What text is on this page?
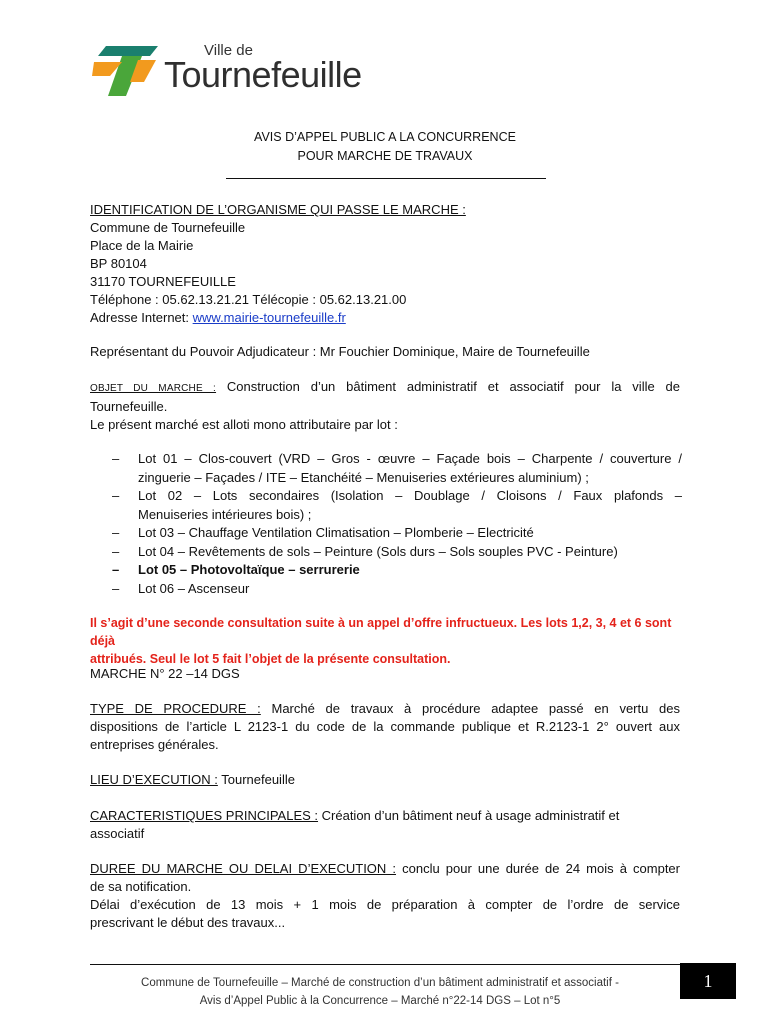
Ville de
Tournefeuille
AVIS D’APPEL PUBLIC A LA CONCURRENCE
POUR MARCHE DE TRAVAUX
IDENTIFICATION DE L’ORGANISME QUI PASSE LE MARCHE :
Commune de Tournefeuille
Place de la Mairie
BP 80104
31170 TOURNEFEUILLE
Téléphone : 05.62.13.21.21 Télécopie : 05.62.13.21.00
Adresse Internet: www.mairie-tournefeuille.fr
Représentant du Pouvoir Adjudicateur : Mr Fouchier Dominique, Maire de Tournefeuille
OBJET DU MARCHE : Construction d’un bâtiment administratif et associatif pour la ville de
Tournefeuille.
Le présent marché est alloti mono attributaire par lot :
– Lot 01 – Clos-couvert (VRD – Gros - œuvre – Façade bois – Charpente / couverture /
zinguerie – Façades / ITE – Etanchéité – Menuiseries extérieures aluminium) ;
– Lot 02 – Lots secondaires (Isolation – Doublage / Cloisons / Faux plafonds –
Menuiseries intérieures bois) ;
– Lot 03 – Chauffage Ventilation Climatisation – Plomberie – Electricité
– Lot 04 – Revêtements de sols – Peinture (Sols durs – Sols souples PVC - Peinture)
– Lot 05 – Photovoltaïque – serrurerie
– Lot 06 – Ascenseur
Il s’agit d’une seconde consultation suite à un appel d’offre infructueux. Les lots 1,2, 3, 4 et 6 sont déjà
attribués. Seul le lot 5 fait l’objet de la présente consultation.
MARCHE N° 22 –14 DGS
TYPE DE PROCEDURE : Marché de travaux à procédure adaptee passé en vertu des
dispositions de l’article L 2123-1 du code de la commande publique et R.2123-1 2° ouvert aux
entreprises générales.
LIEU D’EXECUTION : Tournefeuille
CARACTERISTIQUES PRINCIPALES : Création d’un bâtiment neuf à usage administratif et
associatif
DUREE DU MARCHE OU DELAI D’EXECUTION : conclu pour une durée de 24 mois à compter
de sa notification.
Délai d’exécution de 13 mois + 1 mois de préparation à compter de l’ordre de service
prescrivant le début des travaux...
Commune de Tournefeuille – Marché de construction d’un bâtiment administratif et associatif -
Avis d’Appel Public à la Concurrence – Marché n°22-14 DGS – Lot n°5
1
